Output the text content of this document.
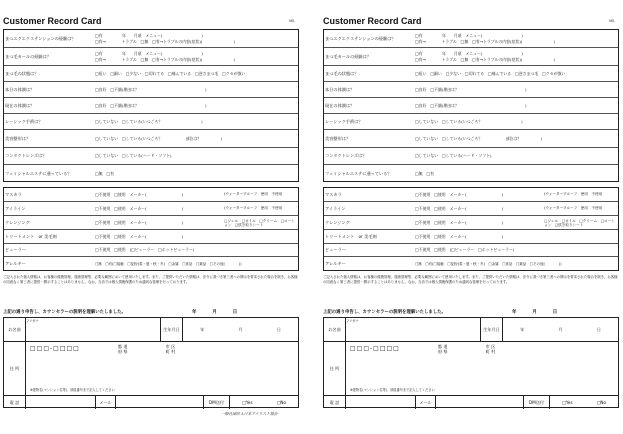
Customer Record Card	NO.
まつエクエクステンションの経験は？
□有　　　　　年　　月頃　メニュー(　　　　　　　　　　)
□有→　　　　トラブル　□無　□有→トラブルの内容(症状)(　　　　　　　　)
まつ毛カールの経験は？
□有　　　　　年　　月頃　メニュー(　　　　　　　　　　)
□有→　　　　トラブル　□無　□有→トラブルの内容(症状)(　　　　　　　　)
まつ毛の状態は？	□短い　□細い　□少ない　□切れてる　□痛んでいる　□逆さまつ毛　□クセが強い
本日の体調は？	□良好　□不調(理由は？　　　　　　　　　　　　　　　　　)
現在の体調は？	□良好　□不調(理由は？　　　　　　　　　　　　　　　　　)
レーシック手術は？	□していない　□している(いつごろ？　　　　　　　　　　)
美容整形は？	□していない　□している(いつごろ？　　　　　　部位は？　　　　　)
コンタクトレンズは？	□していない　□している(ハード・ソフト)
フェイシャルエステに通っている？	□無　□有
マスカラ	□不使用　□使用　メーカー(　　　　　　　　　)	(ウォータープルーフ　使用　不使用
アイライン	□不使用　□使用　メーカー(　　　　　　　　　)	(ウォータープルーフ　使用　不使用
クレンジング	□不使用　□使用　メーカー(　　　　　　　　　)	□ジェル　□オイル　□クリーム　□ローション　□拭き取りシート
トリートメント　or 美毛剤	□不使用　□使用　メーカー(　　　　　　　　　)
ビューラー	□不使用　□使用　(□ビューラー　□ホットビューラー)
アレルギー	□無　□有(□接触　□花粉(春・夏・秋・冬)　□金属　□食品　□薬品　□その他(　　　　))
ご記入された個人情報は、お客様の健康管理、施術管理等、必要な範囲において使用いたします。また、ご提供いただいた情報は、法令に基づき第三者への開示を要求された場合を除き、お客様の同意なく第三者に提供・開示することはありません。なお、当店では個人情報保護のため適切な管理を行っております。
上記の通り申告し、カウンセラーの説明を理解いたしました。	年	月	日
お名前
フリガナ
生年月日	年	月	日
住 所
□□□-□□□□	都 道
府 県
市 区
町 村
※建物名(マンション名等)、部屋番号まで記入してください
電 話	メール	DM送付	□Yes	□No
一般社団法人日本アイリスト協会
Customer Record Card	NO.
まつエクエクステンションの経験は？
□有　　　　　年　　月頃　メニュー(　　　　　　　　　　)
□有→　　　　トラブル　□無　□有→トラブルの内容(症状)(　　　　　　　　)
まつ毛カールの経験は？
□有　　　　　年　　月頃　メニュー(　　　　　　　　　　)
□有→　　　　トラブル　□無　□有→トラブルの内容(症状)(　　　　　　　　)
まつ毛の状態は？	□短い　□細い　□少ない　□切れてる　□痛んでいる　□逆さまつ毛　□クセが強い
本日の体調は？	□良好　□不調(理由は？　　　　　　　　　　　　　　　　　)
現在の体調は？	□良好　□不調(理由は？　　　　　　　　　　　　　　　　　)
レーシック手術は？	□していない　□している(いつごろ？　　　　　　　　　　)
美容整形は？	□していない　□している(いつごろ？　　　　　　部位は？　　　　　)
コンタクトレンズは？	□していない　□している(ハード・ソフト)
フェイシャルエステに通っている？	□無　□有
マスカラ	□不使用　□使用　メーカー(　　　　　　　　　)	(ウォータープルーフ　使用　不使用
アイライン	□不使用　□使用　メーカー(　　　　　　　　　)	(ウォータープルーフ　使用　不使用
クレンジング	□不使用　□使用　メーカー(　　　　　　　　　)	□ジェル　□オイル　□クリーム　□ローション　□拭き取りシート
トリートメント　or 美毛剤	□不使用　□使用　メーカー(　　　　　　　　　)
ビューラー	□不使用　□使用　(□ビューラー　□ホットビューラー)
アレルギー	□無　□有(□接触　□花粉(春・夏・秋・冬)　□金属　□食品　□薬品　□その他(　　　　))
ご記入された個人情報は、お客様の健康管理、施術管理等、必要な範囲において使用いたします。また、ご提供いただいた情報は、法令に基づき第三者への開示を要求された場合を除き、お客様の同意なく第三者に提供・開示することはありません。なお、当店では個人情報保護のため適切な管理を行っております。
上記の通り申告し、カウンセラーの説明を理解いたしました。	年	月	日
お名前
フリガナ
生年月日	年	月	日
住 所
□□□-□□□□	都 道
府 県
市 区
町 村
※建物名(マンション名等)、部屋番号まで記入してください
電 話	メール	DM送付	□Yes	□No
